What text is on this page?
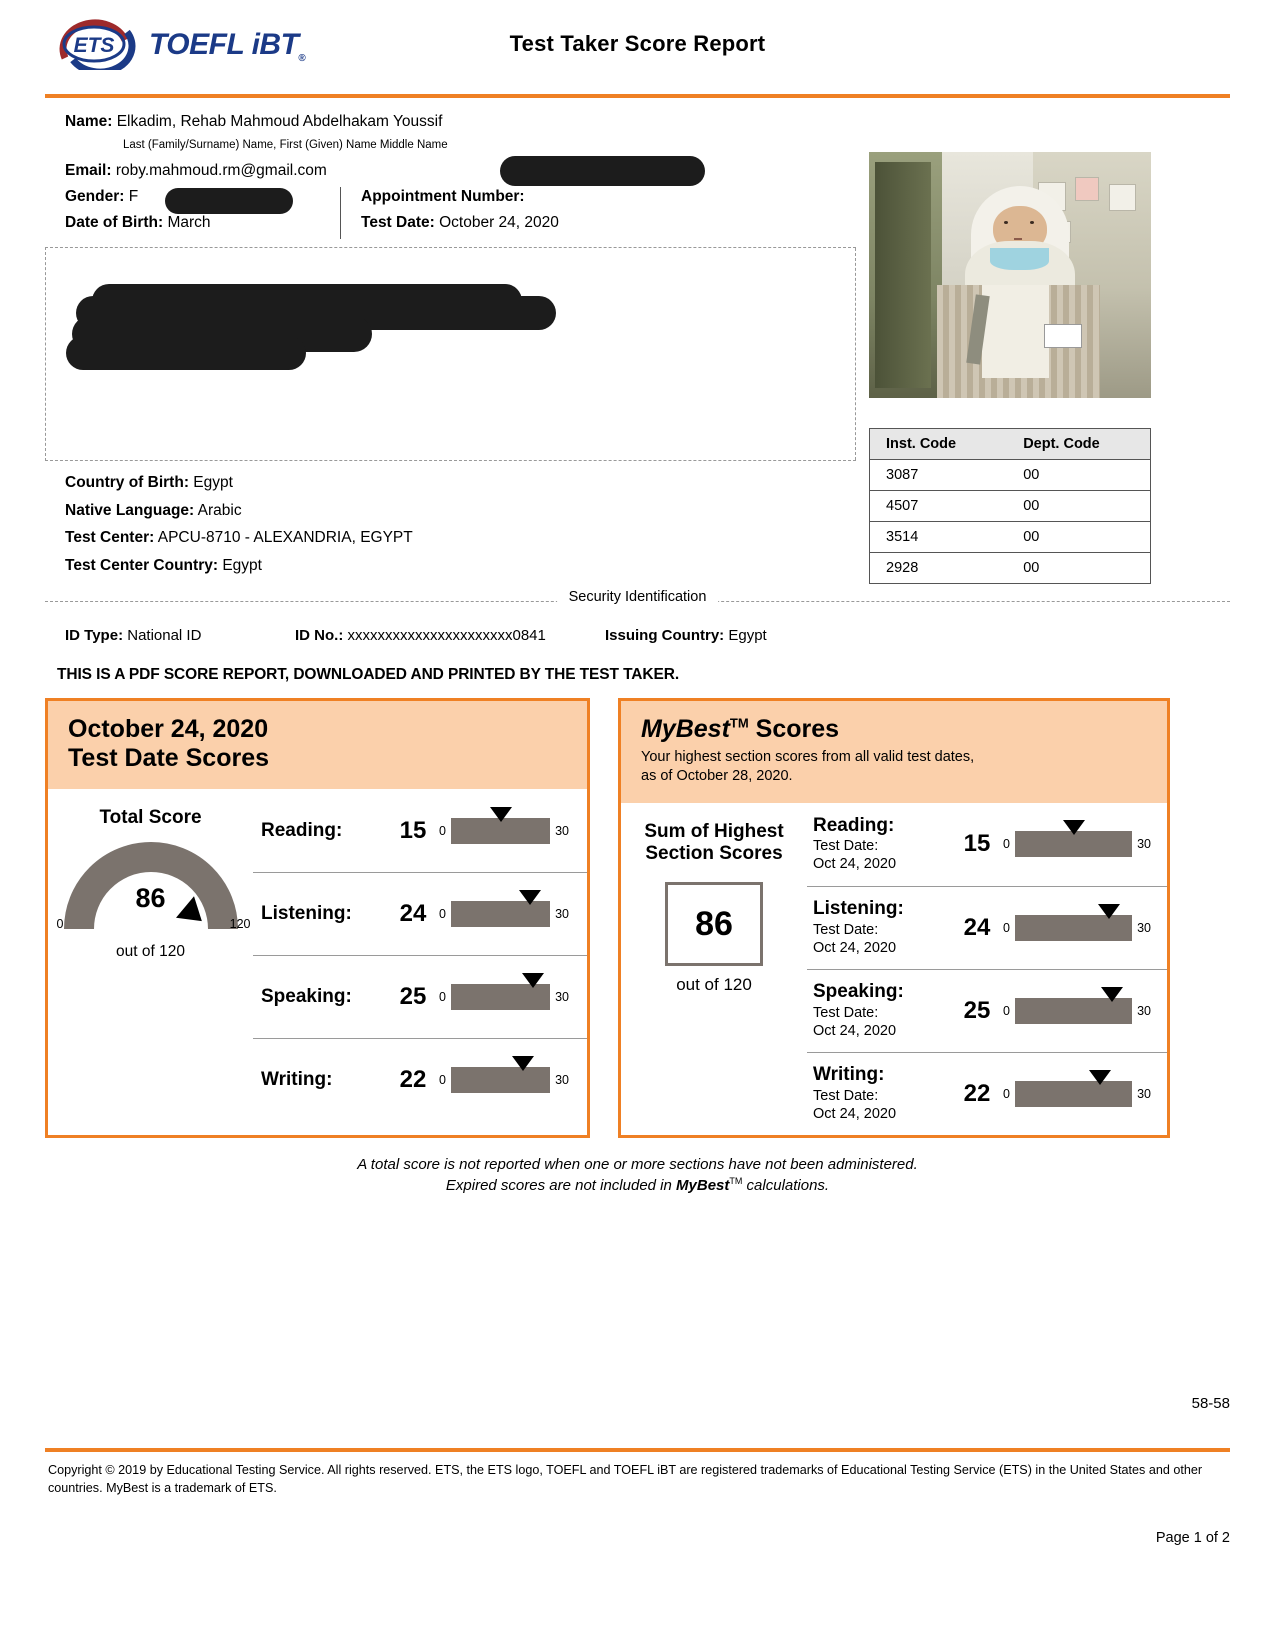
ETS TOEFL iBT$_®$
Test Taker Score Report
Name: Elkadim, Rehab Mahmoud Abdelhakam Youssif
Last (Family/Surname) Name, First (Given) Name Middle Name
Email: roby.mahmoud.rm@gmail.com
Gender: F
Date of Birth: March
Appointment Number:
Test Date: October 24, 2020
Inst. Code	Dept. Code
3087	00
4507	00
3514	00
2928	00
Country of Birth: Egypt
Native Language: Arabic
Test Center: APCU-8710 - ALEXANDRIA, EGYPT
Test Center Country: Egypt
Security Identification
ID Type: National ID	ID No.: xxxxxxxxxxxxxxxxxxxxxx0841	Issuing Country: Egypt
THIS IS A PDF SCORE REPORT, DOWNLOADED AND PRINTED BY THE TEST TAKER.
October 24, 2020
Test Date Scores
Total Score
86
0	120
out of 120
Reading:	15	0	30
Listening:	24	0	30
Speaking:	25	0	30
Writing:	22	0	30
MyBest™ Scores
Your highest section scores from all valid test dates,
as of October 28, 2020.
Sum of Highest
Section Scores
86
out of 120
Reading:
Test Date:
Oct 24, 2020
15	0	30
Listening:
Test Date:
Oct 24, 2020
24	0	30
Speaking:
Test Date:
Oct 24, 2020
25	0	30
Writing:
Test Date:
Oct 24, 2020
22	0	30
A total score is not reported when one or more sections have not been administered.
Expired scores are not included in MyBest™ calculations.
58-58
Copyright © 2019 by Educational Testing Service. All rights reserved. ETS, the ETS logo, TOEFL and TOEFL iBT are registered trademarks of Educational Testing Service (ETS) in the United States and other countries. MyBest is a trademark of ETS.
Page 1 of 2
